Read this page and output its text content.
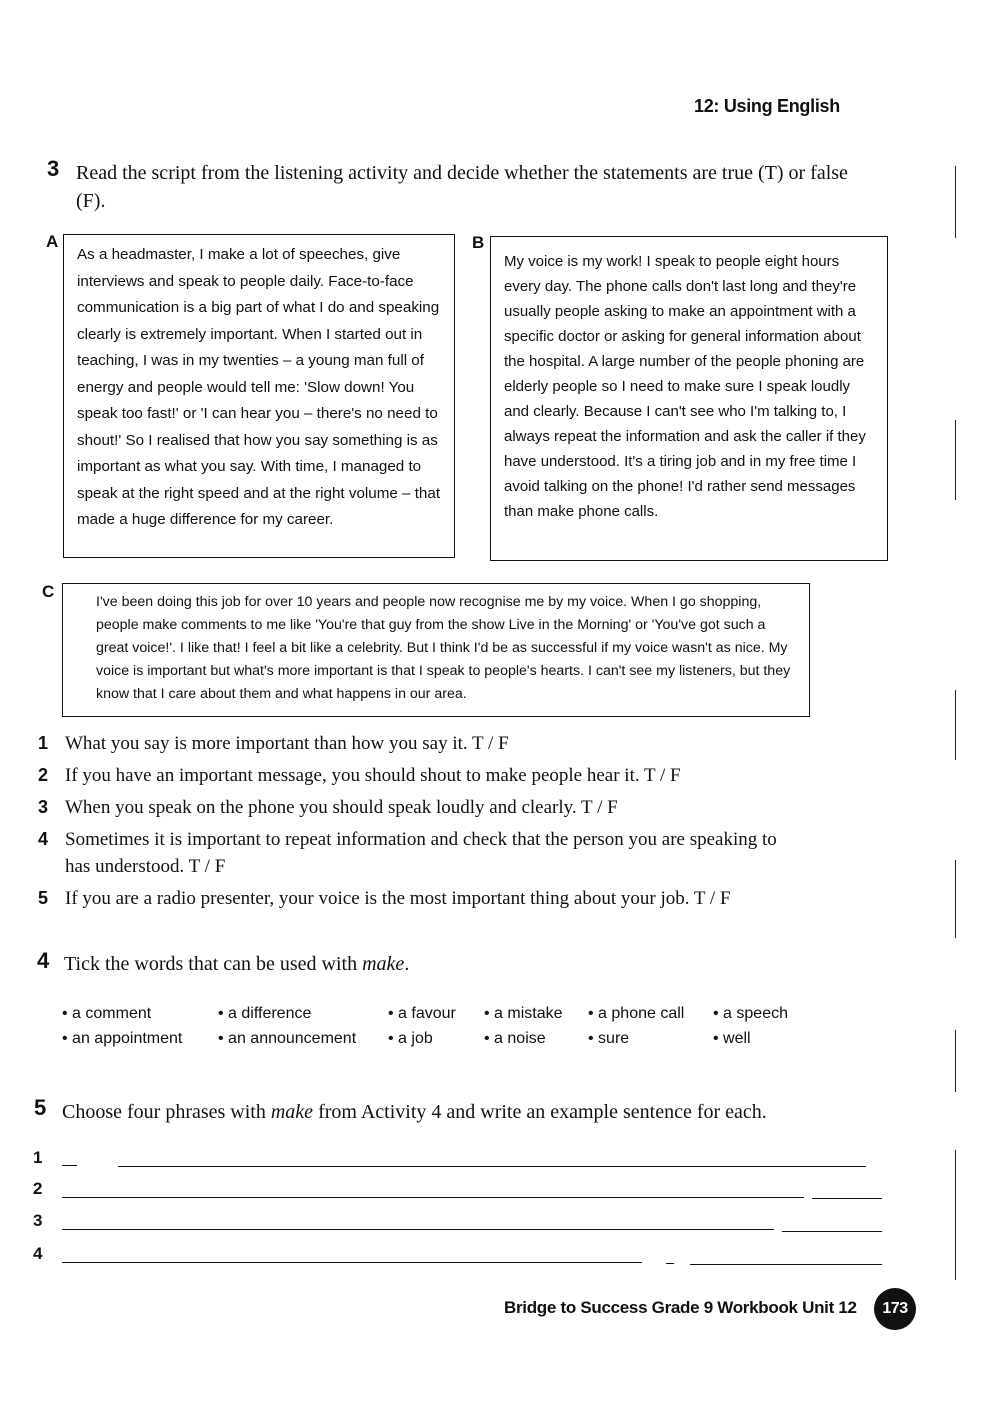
12: Using English
3 Read the script from the listening activity and decide whether the statements are true (T) or false (F).
A

As a headmaster, I make a lot of speeches, give interviews and speak to people daily. Face-to-face communication is a big part of what I do and speaking clearly is extremely important. When I started out in teaching, I was in my twenties – a young man full of energy and people would tell me: 'Slow down! You speak too fast!' or 'I can hear you – there's no need to shout!' So I realised that how you say something is as important as what you say. With time, I managed to speak at the right speed and at the right volume – that made a huge difference for my career.

B

My voice is my work! I speak to people eight hours every day. The phone calls don't last long and they're usually people asking to make an appointment with a specific doctor or asking for general information about the hospital. A large number of the people phoning are elderly people so I need to make sure I speak loudly and clearly. Because I can't see who I'm talking to, I always repeat the information and ask the caller if they have understood. It's a tiring job and in my free time I avoid talking on the phone! I'd rather send messages than make phone calls.

C

I've been doing this job for over 10 years and people now recognise me by my voice. When I go shopping, people make comments to me like 'You're that guy from the show Live in the Morning' or 'You've got such a great voice!'. I like that! I feel a bit like a celebrity. But I think I'd be as successful if my voice wasn't as nice. My voice is important but what's more important is that I speak to people's hearts. I can't see my listeners, but they know that I care about them and what happens in our area.

1 What you say is more important than how you say it. T / F
2 If you have an important message, you should shout to make people hear it. T / F
3 When you speak on the phone you should speak loudly and clearly. T / F
4 Sometimes it is important to repeat information and check that the person you are speaking to has understood. T / F
5 If you are a radio presenter, your voice is the most important thing about your job. T / F
4 Tick the words that can be used with make.
• a comment	• a difference	• a favour • a mistake • a phone call • a speech
• an appointment • an announcement • a job	• a noise	• sure	• well
5 Choose four phrases with make from Activity 4 and write an example sentence for each.
1
2
3
4
Bridge to Success Grade 9 Workbook Unit 12	173
